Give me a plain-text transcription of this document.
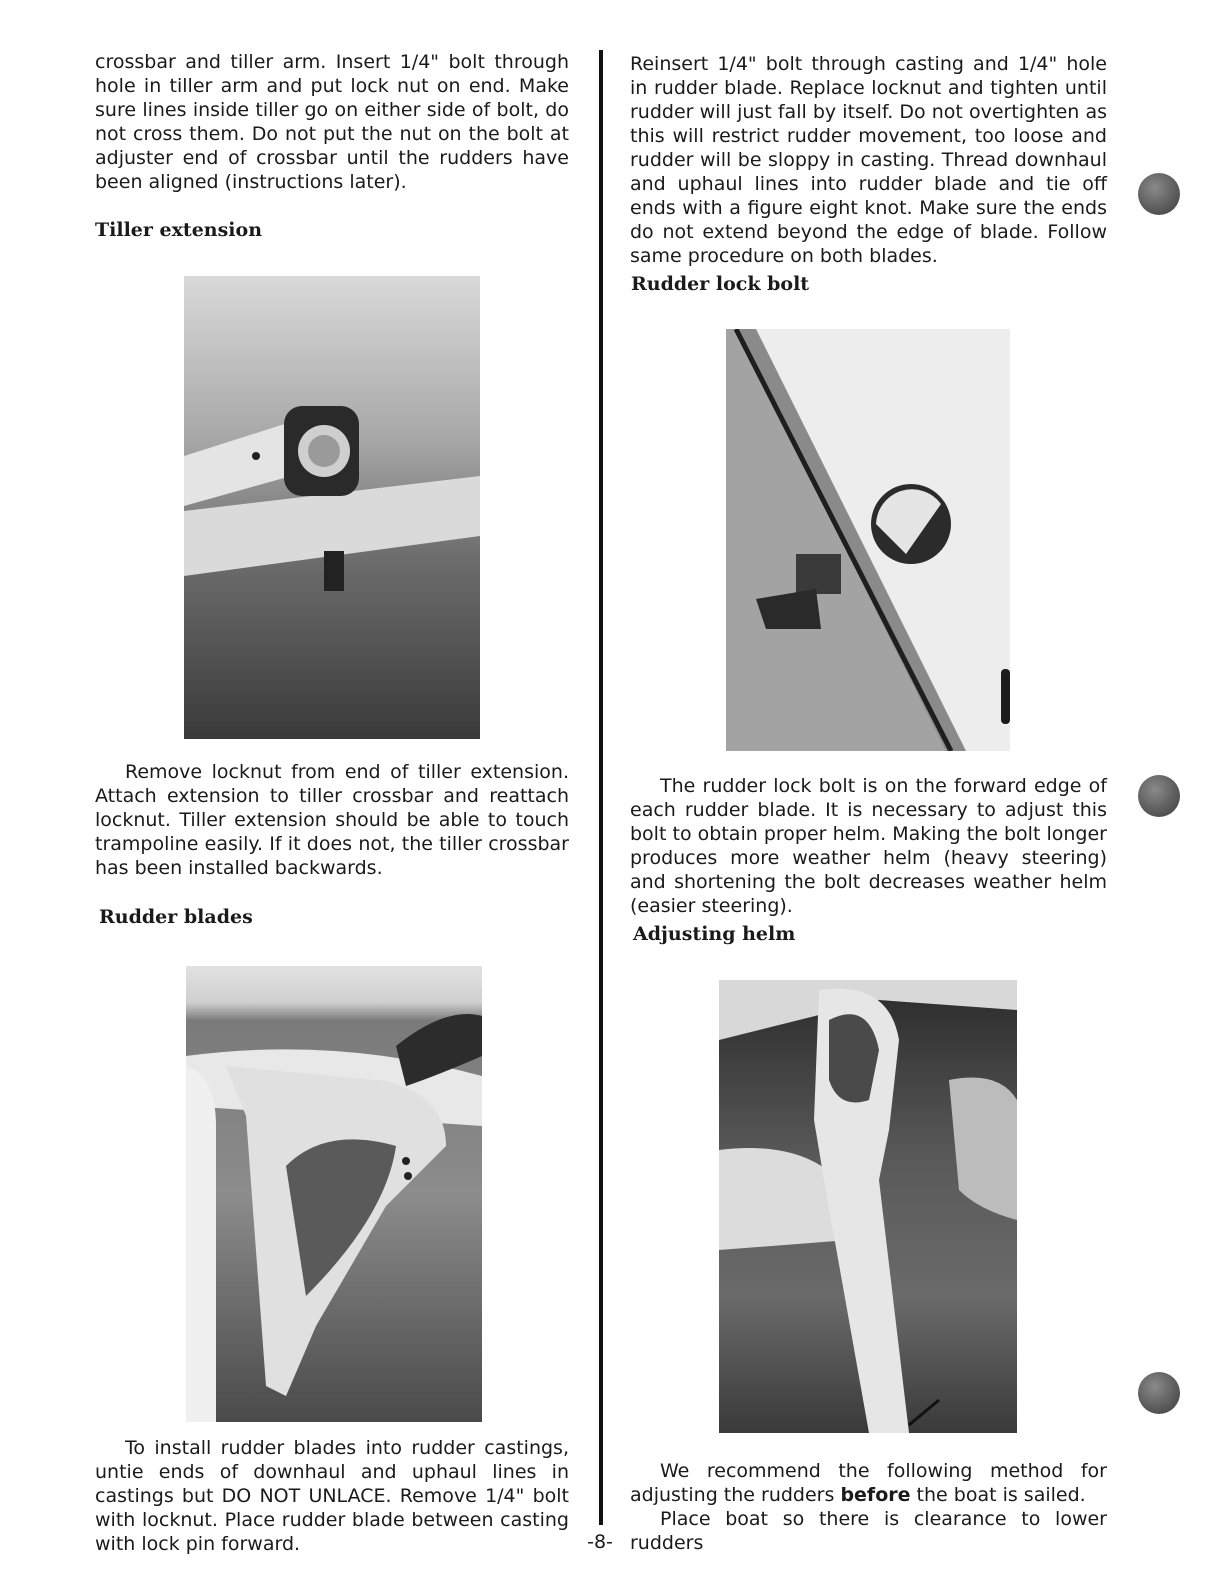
crossbar and tiller arm. Insert 1/4" bolt through hole in tiller arm and put lock nut on end. Make sure lines inside tiller go on either side of bolt, do not cross them. Do not put the nut on the bolt at adjuster end of crossbar until the rudders have been aligned (instructions later).

Tiller extension

Remove locknut from end of tiller extension. Attach extension to tiller crossbar and reattach locknut. Tiller extension should be able to touch trampoline easily. If it does not, the tiller crossbar has been installed backwards.

Rudder blades

To install rudder blades into rudder castings, untie ends of downhaul and uphaul lines in castings but DO NOT UNLACE. Remove 1/4" bolt with locknut. Place rudder blade between casting with lock pin forward.

Reinsert 1/4" bolt through casting and 1/4" hole in rudder blade. Replace locknut and tighten until rudder will just fall by itself. Do not overtighten as this will restrict rudder movement, too loose and rudder will be sloppy in casting. Thread downhaul and uphaul lines into rudder blade and tie off ends with a figure eight knot. Make sure the ends do not extend beyond the edge of blade. Follow same procedure on both blades.

Rudder lock bolt

The rudder lock bolt is on the forward edge of each rudder blade. It is necessary to adjust this bolt to obtain proper helm. Making the bolt longer produces more weather helm (heavy steering) and shortening the bolt decreases weather helm (easier steering).

Adjusting helm

We recommend the following method for adjusting the rudders before the boat is sailed.

Place boat so there is clearance to lower rudders

-8-
